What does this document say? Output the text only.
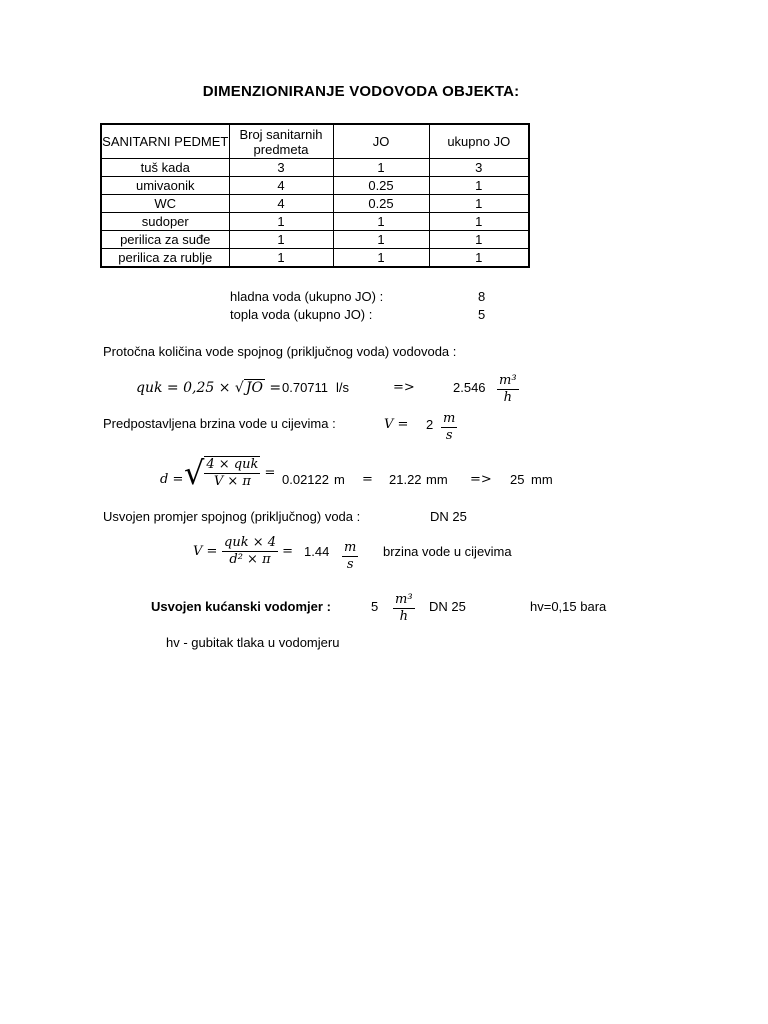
DIMENZIONIRANJE VODOVODA OBJEKTA:
SANITARNI PEDMET	Broj sanitarnih predmeta	JO	ukupno JO
tuš kada	3	1	3
umivaonik	4	0.25	1
WC	4	0.25	1
sudoper	1	1	1
perilica za suđe	1	1	1
perilica za rublje	1	1	1
hladna voda (ukupno JO) :	8
topla voda (ukupno JO) :	5
Protočna količina vode spojnog (priključnog voda) vodovoda :
quk = 0,25 × √ JO = 0.70711 l/s	=>	$2.546 \frac{\text{m³}}{h}$
Predpostavljena brzina vode u cijevima :	$V = 2 \frac{m}{s}$
d = √ $\frac{\text{4 × quk}}{V \times \pi} = 0.02122$ m = 21.22 mm => 25 mm
Usvojen promjer spojnog (priključnog) voda :	DN 25
$V = \frac{\text{quk × 4}}{\text{d² × π}} = 1.44 \frac{m}{s}$ brzina vode u cijevima
Usvojen kućanski vodomjer :	$5 \frac{\text{m³}}{h}$ DN 25	hv=0,15 bara
hv - gubitak tlaka u vodomjeru
